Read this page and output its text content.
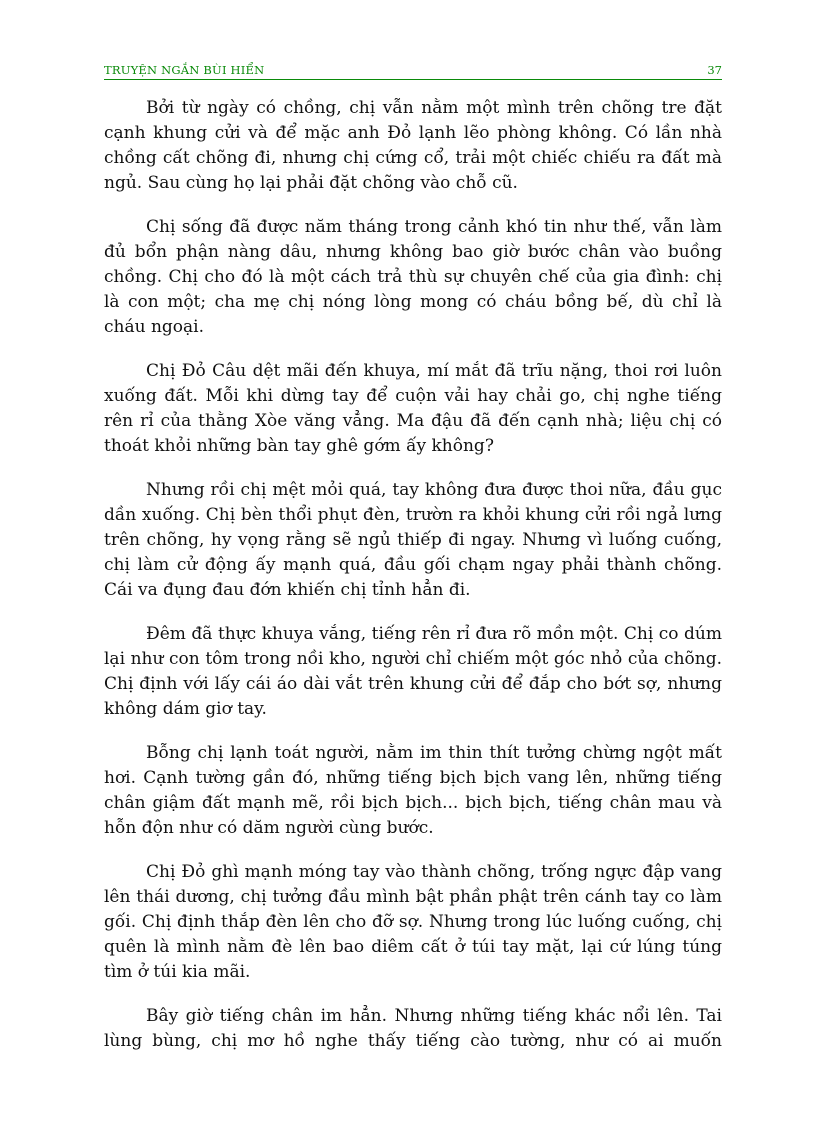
TRUYỆN NGẮN BÙI HIỂN	37

Bởi từ ngày có chồng, chị vẫn nằm một mình trên chõng tre đặt cạnh khung cửi và để mặc anh Đỏ lạnh lẽo phòng không. Có lần nhà chồng cất chõng đi, nhưng chị cứng cổ, trải một chiếc chiếu ra đất mà ngủ. Sau cùng họ lại phải đặt chõng vào chỗ cũ.

Chị sống đã được năm tháng trong cảnh khó tin như thế, vẫn làm đủ bổn phận nàng dâu, nhưng không bao giờ bước chân vào buồng chồng. Chị cho đó là một cách trả thù sự chuyên chế của gia đình: chị là con một; cha mẹ chị nóng lòng mong có cháu bồng bế, dù chỉ là cháu ngoại.

Chị Đỏ Câu dệt mãi đến khuya, mí mắt đã trĩu nặng, thoi rơi luôn xuống đất. Mỗi khi dừng tay để cuộn vải hay chải go, chị nghe tiếng rên rỉ của thằng Xòe văng vẳng. Ma đậu đã đến cạnh nhà; liệu chị có thoát khỏi những bàn tay ghê gớm ấy không?

Nhưng rồi chị mệt mỏi quá, tay không đưa được thoi nữa, đầu gục dần xuống. Chị bèn thổi phụt đèn, trườn ra khỏi khung cửi rồi ngả lưng trên chõng, hy vọng rằng sẽ ngủ thiếp đi ngay. Nhưng vì luống cuống, chị làm cử động ấy mạnh quá, đầu gối chạm ngay phải thành chõng. Cái va đụng đau đớn khiến chị tỉnh hẳn đi.

Đêm đã thực khuya vắng, tiếng rên rỉ đưa rõ mồn một. Chị co dúm lại như con tôm trong nồi kho, người chỉ chiếm một góc nhỏ của chõng. Chị định với lấy cái áo dài vắt trên khung cửi để đắp cho bớt sợ, nhưng không dám giơ tay.

Bỗng chị lạnh toát người, nằm im thin thít tưởng chừng ngột mất hơi. Cạnh tường gần đó, những tiếng bịch bịch vang lên, những tiếng chân giậm đất mạnh mẽ, rồi bịch bịch... bịch bịch, tiếng chân mau và hỗn độn như có dăm người cùng bước.

Chị Đỏ ghì mạnh móng tay vào thành chõng, trống ngực đập vang lên thái dương, chị tưởng đầu mình bật phần phật trên cánh tay co làm gối. Chị định thắp đèn lên cho đỡ sợ. Nhưng trong lúc luống cuống, chị quên là mình nằm đè lên bao diêm cất ở túi tay mặt, lại cứ lúng túng tìm ở túi kia mãi.

Bây giờ tiếng chân im hẳn. Nhưng những tiếng khác nổi lên. Tai lùng bùng, chị mơ hồ nghe thấy tiếng cào tường, như có ai muốn
